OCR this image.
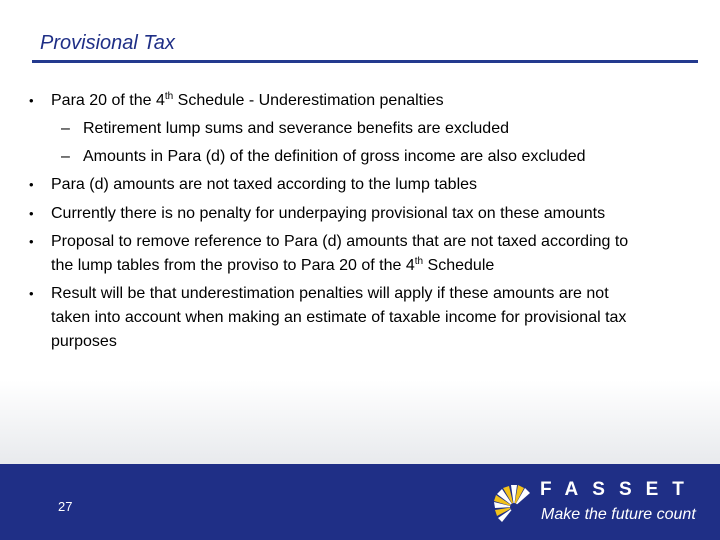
Provisional Tax
• Para 20 of the 4th Schedule - Underestimation penalties
– Retirement lump sums and severance benefits are excluded
– Amounts in Para (d) of the definition of gross income are also excluded
• Para (d) amounts are not taxed according to the lump tables
• Currently there is no penalty for underpaying provisional tax on these amounts
• Proposal to remove reference to Para (d) amounts that are not taxed according to
the lump tables from the proviso to Para 20 of the 4th Schedule
• Result will be that underestimation penalties will apply if these amounts are not
taken into account when making an estimate of taxable income for provisional tax
purposes
27
FASSET
Make the future count
